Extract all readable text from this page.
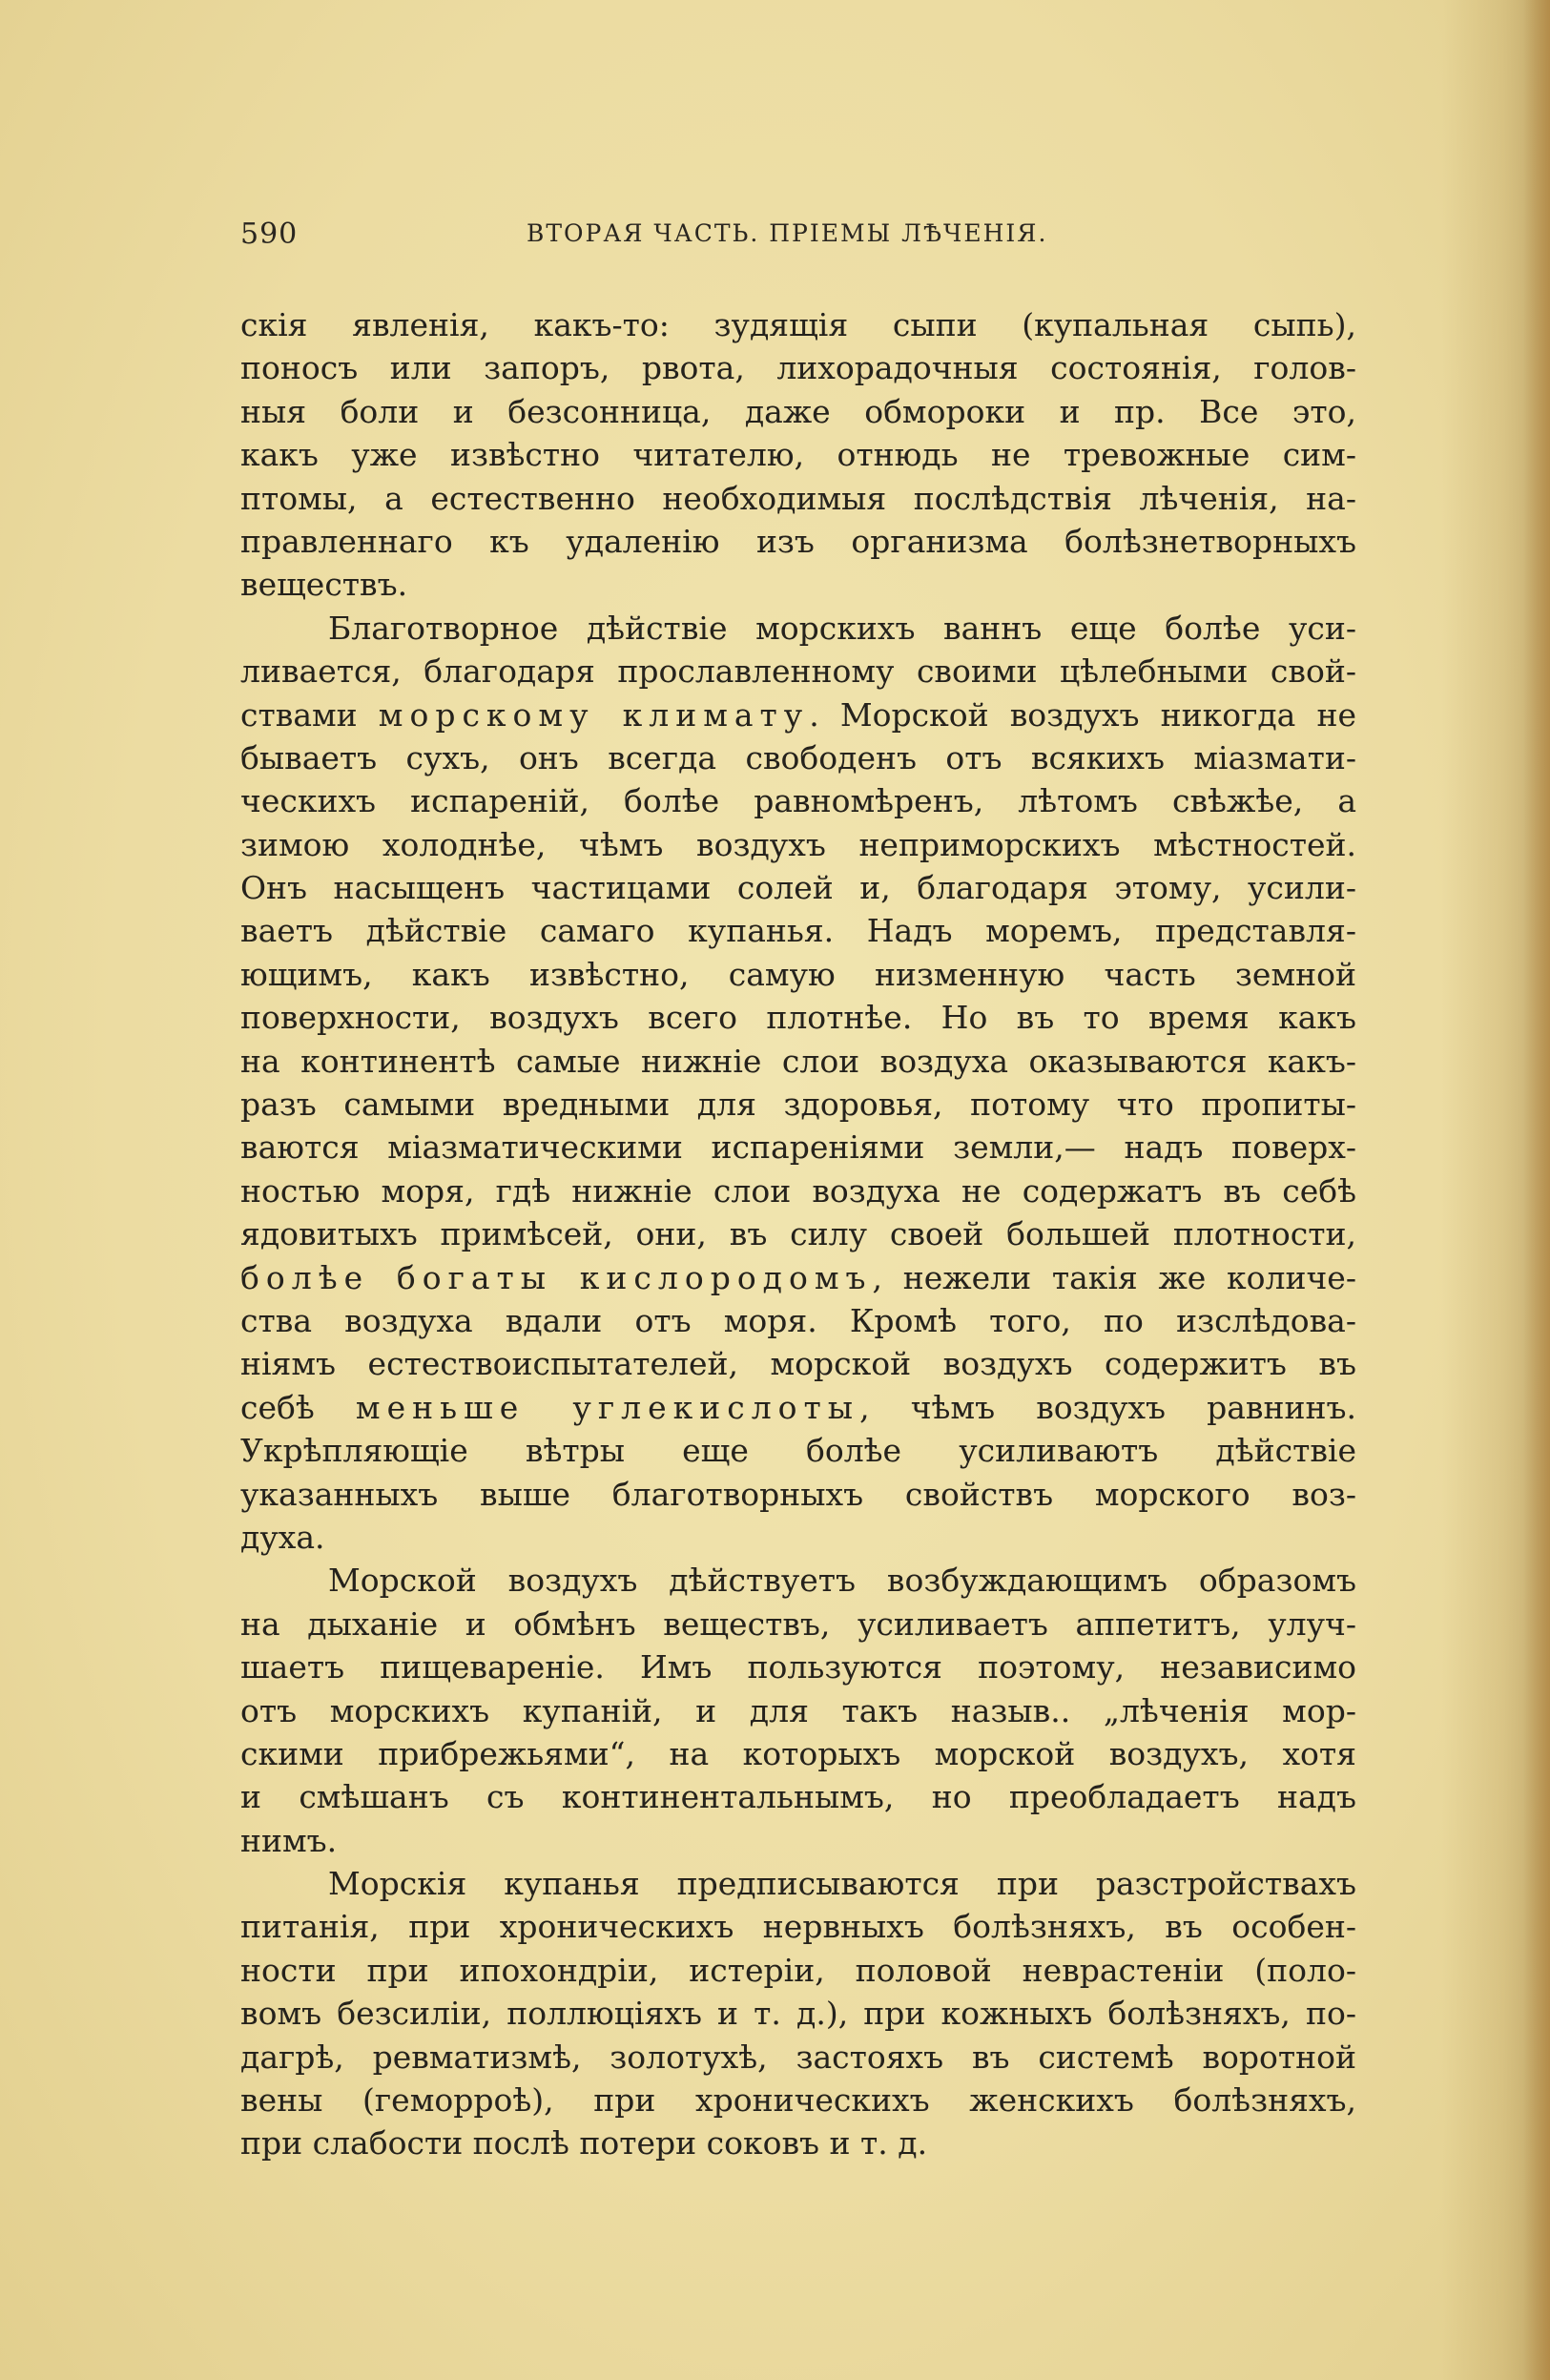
590	ВТОРАЯ ЧАСТЬ. ПРIЕМЫ ЛѢЧЕНIЯ.
скія явленія, какъ-то: зудящія сыпи (купальная сыпь),
поносъ или запоръ, рвота, лихорадочныя состоянія, голов-
ныя боли и безсонница, даже обмороки и пр. Все это,
какъ уже извѣстно читателю, отнюдь не тревожные сим-
птомы, а естественно необходимыя послѣдствія лѣченія, на-
правленнаго къ удаленію изъ организма болѣзнетворныхъ
веществъ.
Благотворное дѣйствіе морскихъ ваннъ еще болѣе уси-
ливается, благодаря прославленному своими цѣлебными свой-
ствами морскому климату. Морской воздухъ никогда не
бываетъ сухъ, онъ всегда свободенъ отъ всякихъ міазмати-
ческихъ испареній, болѣе равномѣренъ, лѣтомъ свѣжѣе, а
зимою холоднѣе, чѣмъ воздухъ неприморскихъ мѣстностей.
Онъ насыщенъ частицами солей и, благодаря этому, усили-
ваетъ дѣйствіе самаго купанья. Надъ моремъ, представля-
ющимъ, какъ извѣстно, самую низменную часть земной
поверхности, воздухъ всего плотнѣе. Но въ то время какъ
на континентѣ самые нижніе слои воздуха оказываются какъ-
разъ самыми вредными для здоровья, потому что пропиты-
ваются міазматическими испареніями земли,— надъ поверх-
ностью моря, гдѣ нижніе слои воздуха не содержатъ въ себѣ
ядовитыхъ примѣсей, они, въ силу своей большей плотности,
болѣе богаты кислородомъ, нежели такія же количе-
ства воздуха вдали отъ моря. Кромѣ того, по изслѣдова-
ніямъ естествоиспытателей, морской воздухъ содержитъ въ
себѣ меньше углекислоты, чѣмъ воздухъ равнинъ.
Укрѣпляющіе вѣтры еще болѣе усиливаютъ дѣйствіе
указанныхъ выше благотворныхъ свойствъ морского воз-
духа.
Морской воздухъ дѣйствуетъ возбуждающимъ образомъ
на дыханіе и обмѣнъ веществъ, усиливаетъ аппетитъ, улуч-
шаетъ пищевареніе. Имъ пользуются поэтому, независимо
отъ морскихъ купаній, и для такъ назыв.. „лѣченія мор-
скими прибрежьями“, на которыхъ морской воздухъ, хотя
и смѣшанъ съ континентальнымъ, но преобладаетъ надъ
нимъ.
Морскія купанья предписываются при разстройствахъ
питанія, при хроническихъ нервныхъ болѣзняхъ, въ особен-
ности при ипохондріи, истеріи, половой неврастеніи (поло-
вомъ безсиліи, поллюціяхъ и т. д.), при кожныхъ болѣзняхъ, по-
дагрѣ, ревматизмѣ, золотухѣ, застояхъ въ системѣ воротной
вены (геморроѣ), при хроническихъ женскихъ болѣзняхъ,
при слабости послѣ потери соковъ и т. д.
